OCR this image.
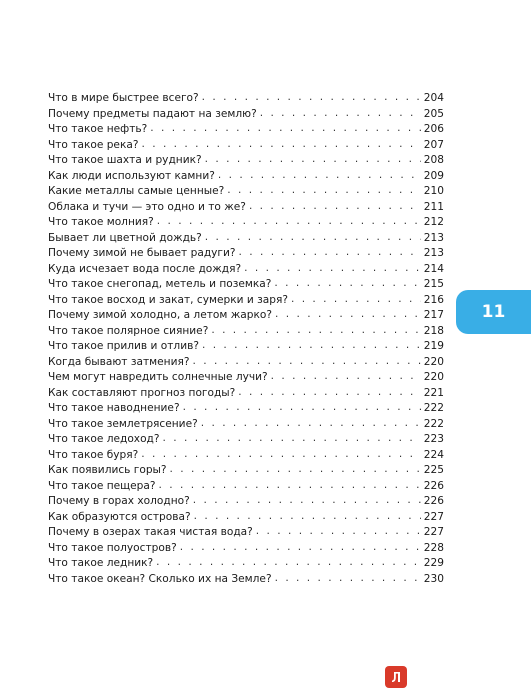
Что в мире быстрее всего? . . .	204
Почему предметы падают на землю? . . .	205
Что такое нефть? . . .	206
Что такое река? . . .	207
Что такое шахта и рудник? . . .	208
Как люди используют камни? . . .	209
Какие металлы самые ценные? . . .	210
Облака и тучи — это одно и то же? . . .	211
Что такое молния? . . .	212
Бывает ли цветной дождь? . . .	213
Почему зимой не бывает радуги? . . .	213
Куда исчезает вода после дождя? . . .	214
Что такое снегопад, метель и поземка? . . .	215
Что такое восход и закат, сумерки и заря? . . .	216
Почему зимой холодно, а летом жарко? . . .	217
Что такое полярное сияние? . . .	218
Что такое прилив и отлив? . . .	219
Когда бывают затмения? . . .	220
Чем могут навредить солнечные лучи? . . .	220
Как составляют прогноз погоды? . . .	221
Что такое наводнение? . . .	222
Что такое землетрясение? . . .	222
Что такое ледоход? . . .	223
Что такое буря? . . .	224
Как появились горы? . . .	225
Что такое пещера? . . .	226
Почему в горах холодно? . . .	226
Как образуются острова? . . .	227
Почему в озерах такая чистая вода? . . .	227
Что такое полуостров? . . .	228
Что такое ледник? . . .	229
Что такое океан? Сколько их на Земле? . . .	230
11
